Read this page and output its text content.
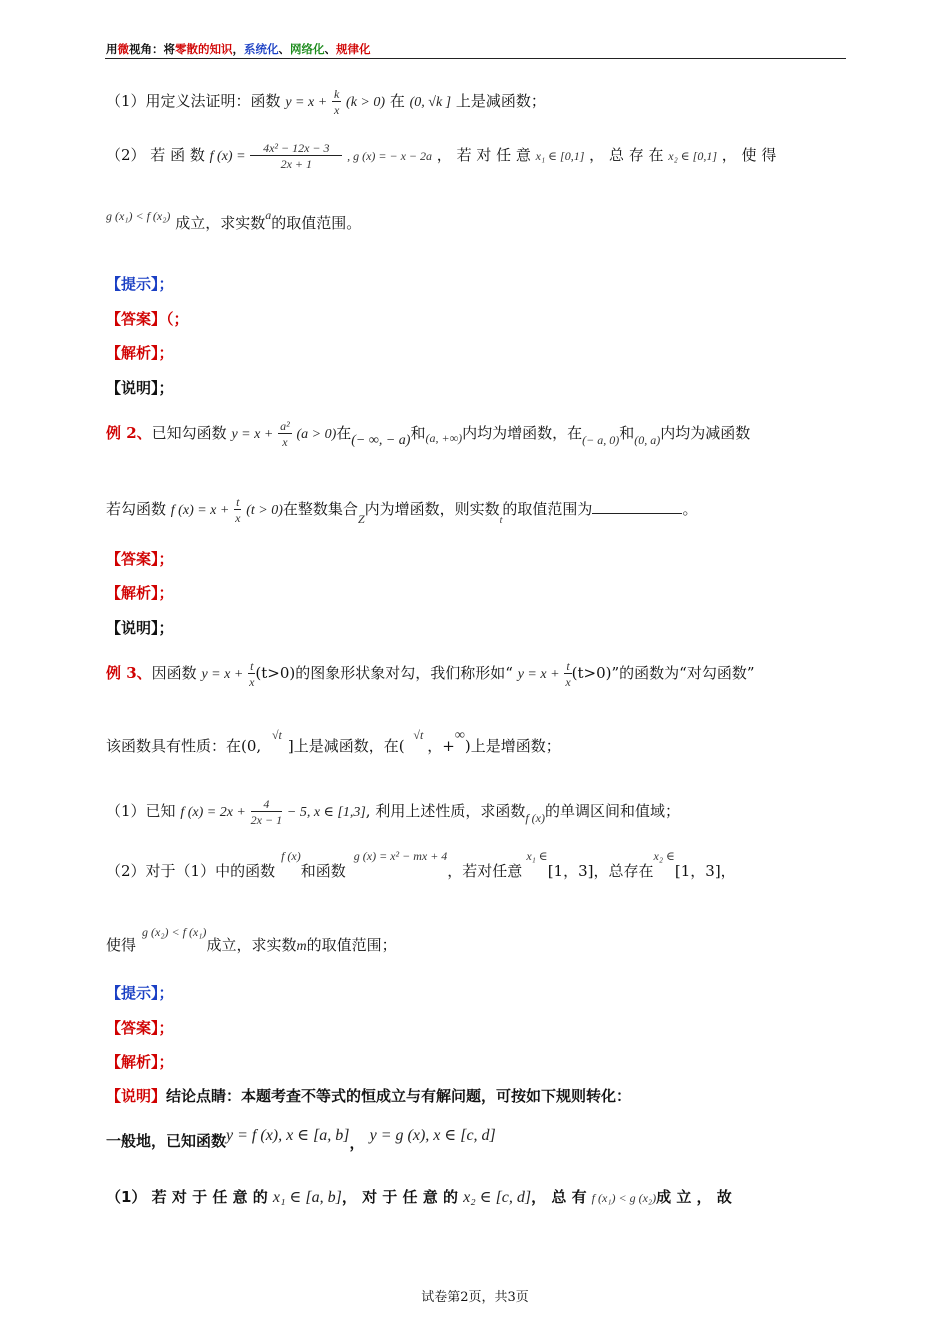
用微视角：将零散的知识，系统化、网络化、规律化
（1）用定义法证明：函数 $y = x + \frac{k}{x} (k > 0)$ 在 (0, √k ] 上是减函数；
（2） 若 函 数 f $(x) = \frac{\text{4x² − 12x − 3}}{2x + 1}$ , g (x) = − x − 2a ， 若 对 任 意 x₁ ∈ [0,1] ， 总 存 在 x₂ ∈ [0,1] ， 使 得
$^{g (x_1) < f (x_2)}$ 成立，求实数$^a$的取值范围。
【提示】；
【答案】（；
【解析】；
【说明】；
例 2、已知勾函数 $y = x + \frac{\text{a²}}{x} (a > 0)$在(− ∞, − a)和$_{(a, +\infty)}$内均为增函数，在$_{(- a, 0)}$和$_{(0, a)}$内均为减函数
若勾函数 f $(x) = x + \frac{t}{x} (t > 0)$在整数集合$_Z$内为增函数，则实数$_t$的取值范围为	。
【答案】；
【解析】；
【说明】；
例 3、因函数 $y = x + \frac{t}{x} (t>0)$的图象形状象对勾，我们称形如“ $y = x + \frac{t}{x} (t>0)$”的函数为“对勾函数”
该函数具有性质：在(0, $^{√t}$]上是减函数，在( $^{√t}$，+∞)上是增函数；
（1）已知 f $(x) = 2x + \frac{4}{2x - 1} - 5$, x ∈ [1,3], 利用上述性质，求函数$_{f (x)}$的单调区间和值域；
（2）对于（1）中的函数$^{f (x)}$和函数$^{g (x) = x^2 - mx + 4}$，若对任意$^{x_1 \in}$[1，3]，总存在$^{x_2 \in}$[1，3]，
使得$^{g (x_2) < f (x_1)}$成立，求实数m的取值范围；
【提示】；
【答案】；
【解析】；
【说明】结论点睛：本题考查不等式的恒成立与有解问题，可按如下规则转化：
一般地，已知函数y = f (x), x ∈ [a, b]， y = g (x), x ∈ [c, d]
（1） 若 对 于 任 意 的 x₁ ∈ [a, b]， 对 于 任 意 的 x₂ ∈ [c, d]， 总 有 f (x₁) < g (x₂)成 立 ， 故
试卷第2页，共3页
